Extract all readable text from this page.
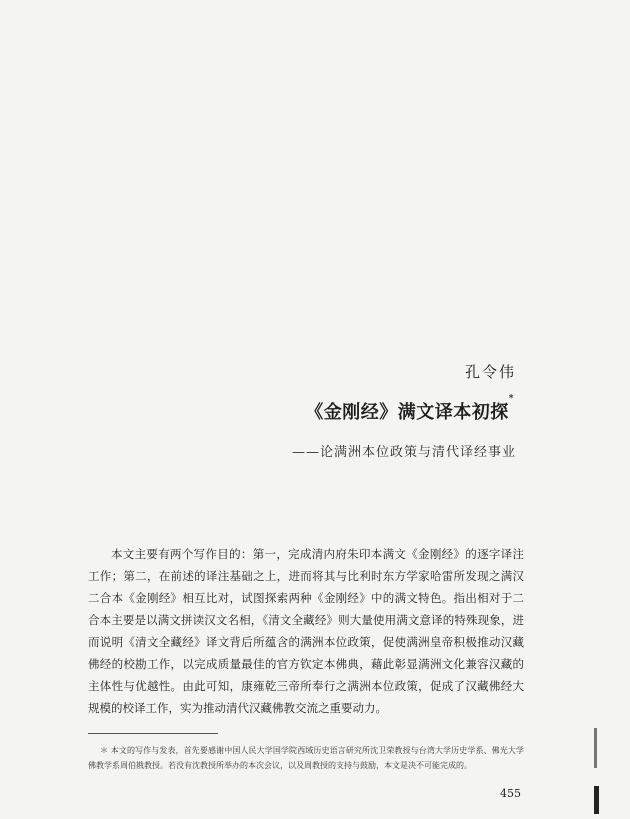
孔令伟
《金刚经》满文译本初探*
——论满洲本位政策与清代译经事业
本文主要有两个写作目的：第一，完成清内府朱印本满文《金刚经》的逐字译注工作；第二，在前述的译注基础之上，进而将其与比利时东方学家哈雷所发现之满汉二合本《金刚经》相互比对，试图探索两种《金刚经》中的满文特色。指出相对于二合本主要是以满文拼读汉文名相，《清文全藏经》则大量使用满文意译的特殊现象，进而说明《清文全藏经》译文背后所蕴含的满洲本位政策，促使满洲皇帝积极推动汉藏佛经的校勘工作，以完成质量最佳的官方钦定本佛典，藉此彰显满洲文化兼容汉藏的主体性与优越性。由此可知，康雍乾三帝所奉行之满洲本位政策，促成了汉藏佛经大规模的校译工作，实为推动清代汉藏佛教交流之重要动力。
＊ 本文的写作与发表，首先要感谢中国人民大学国学院西域历史语言研究所沈卫荣教授与台湾大学历史学系、佛光大学佛教学系周伯戡教授。若没有沈教授所举办的本次会议，以及周教授的支持与鼓励，本文是决不可能完成的。
455
